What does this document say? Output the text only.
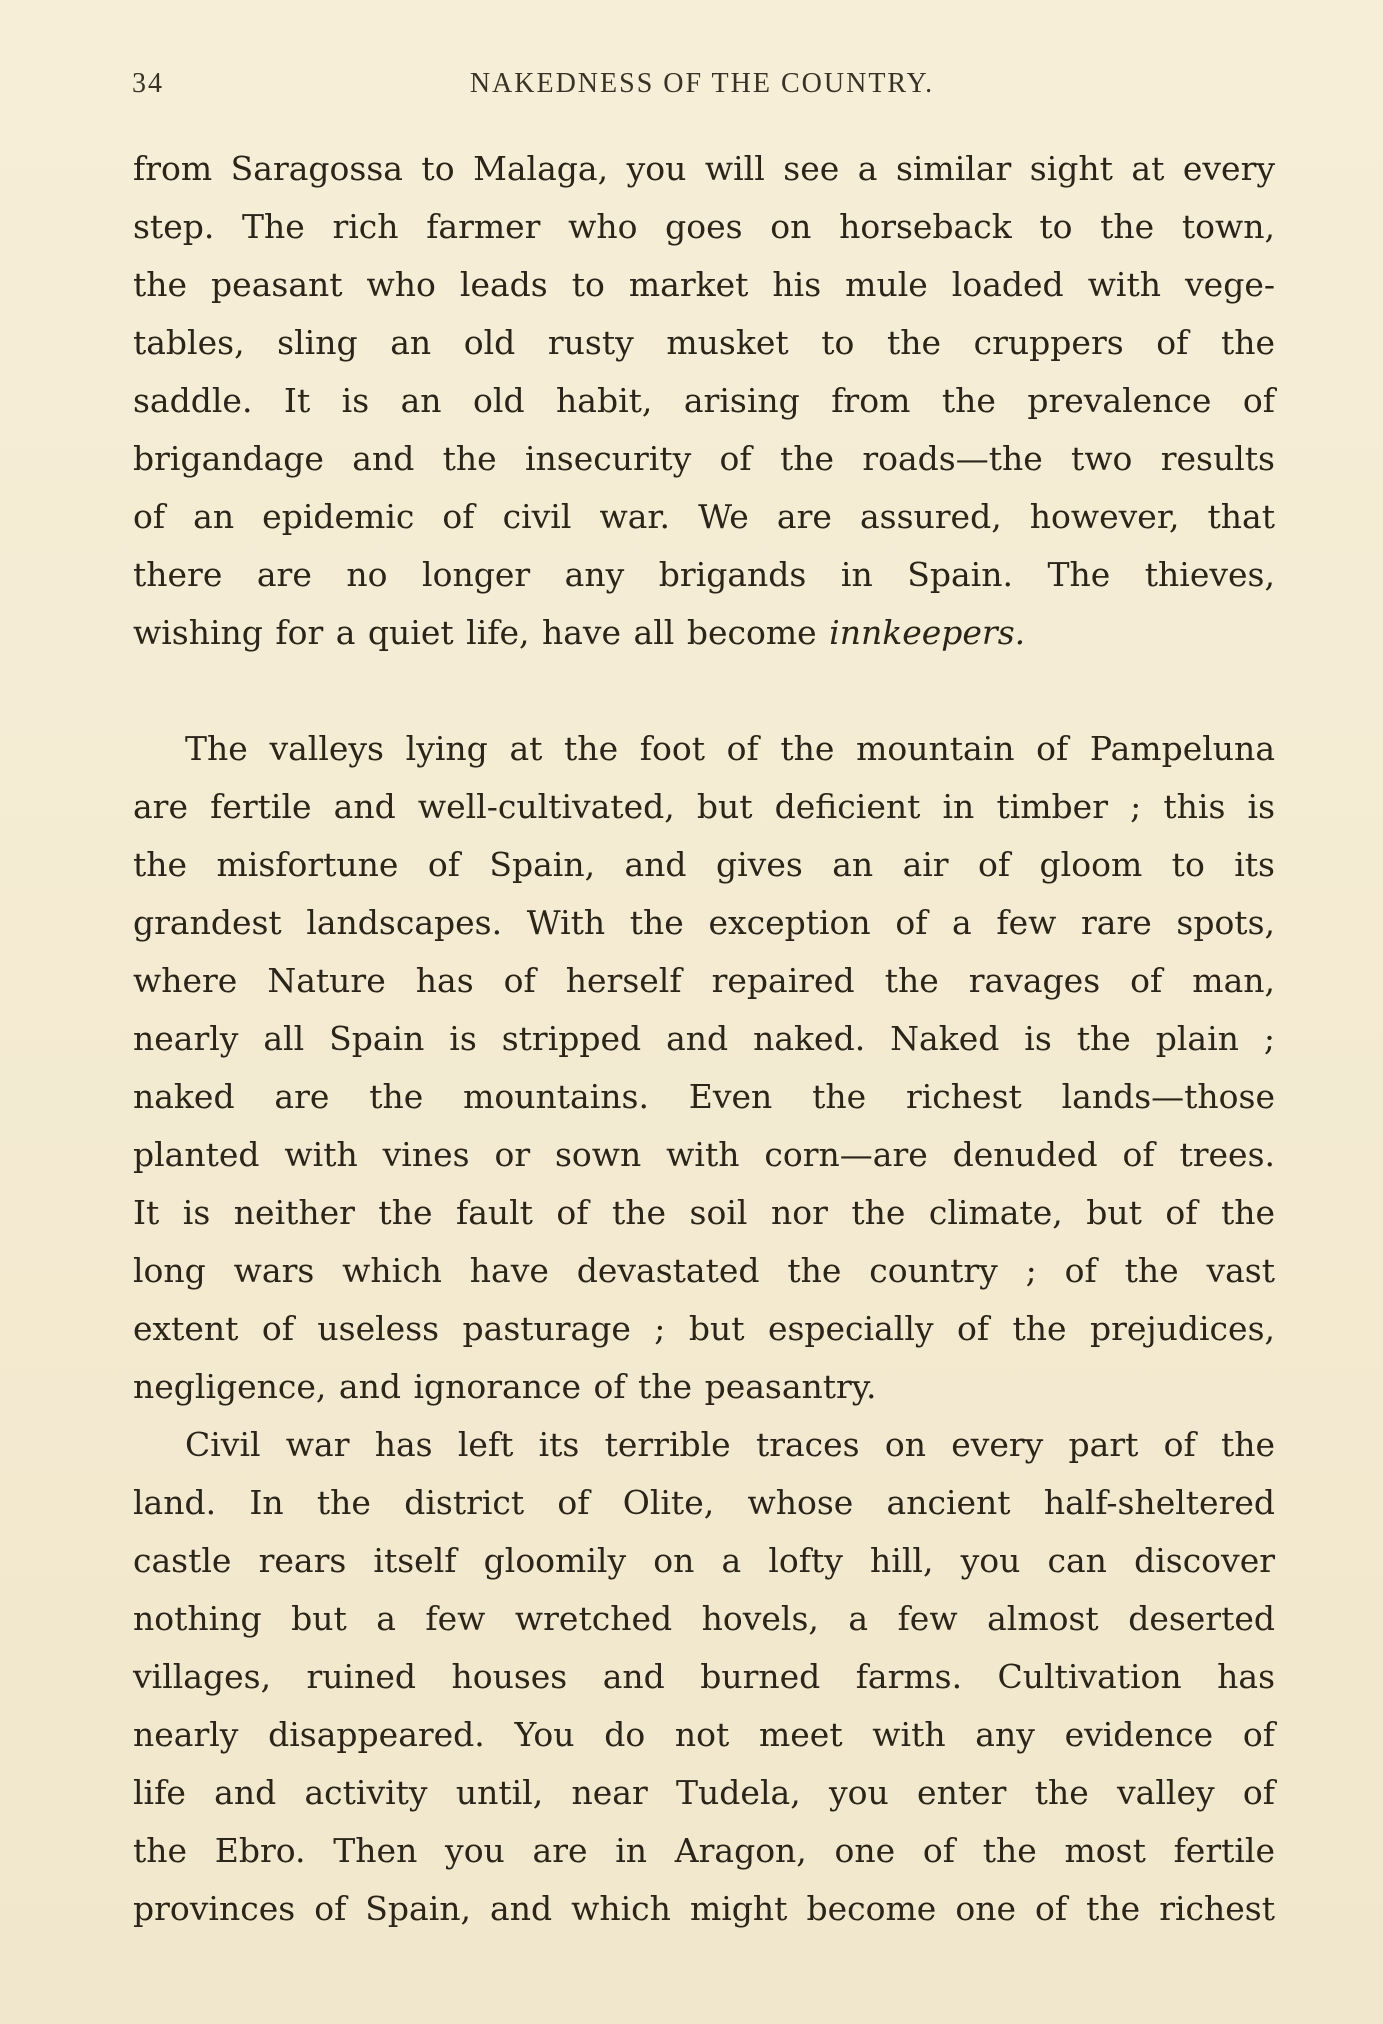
34	NAKEDNESS OF THE COUNTRY.
from Saragossa to Malaga, you will see a similar sight at every
step. The rich farmer who goes on horseback to the town,
the peasant who leads to market his mule loaded with vege-
tables, sling an old rusty musket to the cruppers of the
saddle. It is an old habit, arising from the prevalence of
brigandage and the insecurity of the roads—the two results
of an epidemic of civil war. We are assured, however, that
there are no longer any brigands in Spain. The thieves,
wishing for a quiet life, have all become innkeepers.
The valleys lying at the foot of the mountain of Pampeluna
are fertile and well-cultivated, but deficient in timber ; this is
the misfortune of Spain, and gives an air of gloom to its
grandest landscapes. With the exception of a few rare spots,
where Nature has of herself repaired the ravages of man,
nearly all Spain is stripped and naked. Naked is the plain ;
naked are the mountains. Even the richest lands—those
planted with vines or sown with corn—are denuded of trees.
It is neither the fault of the soil nor the climate, but of the
long wars which have devastated the country ; of the vast
extent of useless pasturage ; but especially of the prejudices,
negligence, and ignorance of the peasantry.
Civil war has left its terrible traces on every part of the
land. In the district of Olite, whose ancient half-sheltered
castle rears itself gloomily on a lofty hill, you can discover
nothing but a few wretched hovels, a few almost deserted
villages, ruined houses and burned farms. Cultivation has
nearly disappeared. You do not meet with any evidence of
life and activity until, near Tudela, you enter the valley of
the Ebro. Then you are in Aragon, one of the most fertile
provinces of Spain, and which might become one of the richest
